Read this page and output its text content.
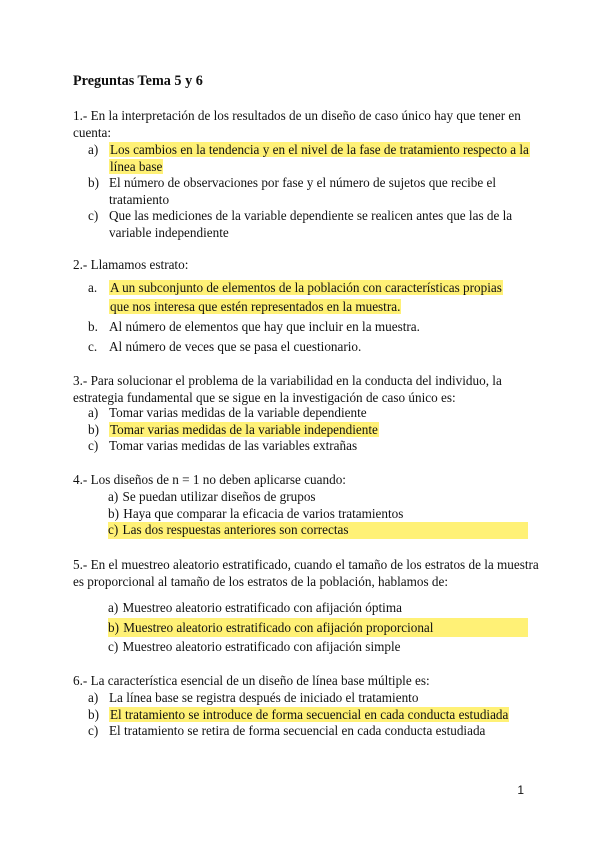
Preguntas Tema 5 y 6
1.- En la interpretación de los resultados de un diseño de caso único hay que tener en cuenta:
a) Los cambios en la tendencia y en el nivel de la fase de tratamiento respecto a la línea base
b) El número de observaciones por fase y el número de sujetos que recibe el tratamiento
c) Que las mediciones de la variable dependiente se realicen antes que las de la variable independiente
2.- Llamamos estrato:
a. A un subconjunto de elementos de la población con características propias que nos interesa que estén representados en la muestra.
b. Al número de elementos que hay que incluir en la muestra.
c. Al número de veces que se pasa el cuestionario.
3.- Para solucionar el problema de la variabilidad en la conducta del individuo, la estrategia fundamental que se sigue en la investigación de caso único es:
a) Tomar varias medidas de la variable dependiente
b) Tomar varias medidas de la variable independiente
c) Tomar varias medidas de las variables extrañas
4.- Los diseños de n = 1 no deben aplicarse cuando:
a) Se puedan utilizar diseños de grupos
b) Haya que comparar la eficacia de varios tratamientos
c) Las dos respuestas anteriores son correctas
5.- En el muestreo aleatorio estratificado, cuando el tamaño de los estratos de la muestra es proporcional al tamaño de los estratos de la población, hablamos de:
a) Muestreo aleatorio estratificado con afijación óptima
b) Muestreo aleatorio estratificado con afijación proporcional
c) Muestreo aleatorio estratificado con afijación simple
6.- La característica esencial de un diseño de línea base múltiple es:
a) La línea base se registra después de iniciado el tratamiento
b) El tratamiento se introduce de forma secuencial en cada conducta estudiada
c) El tratamiento se retira de forma secuencial en cada conducta estudiada
1
